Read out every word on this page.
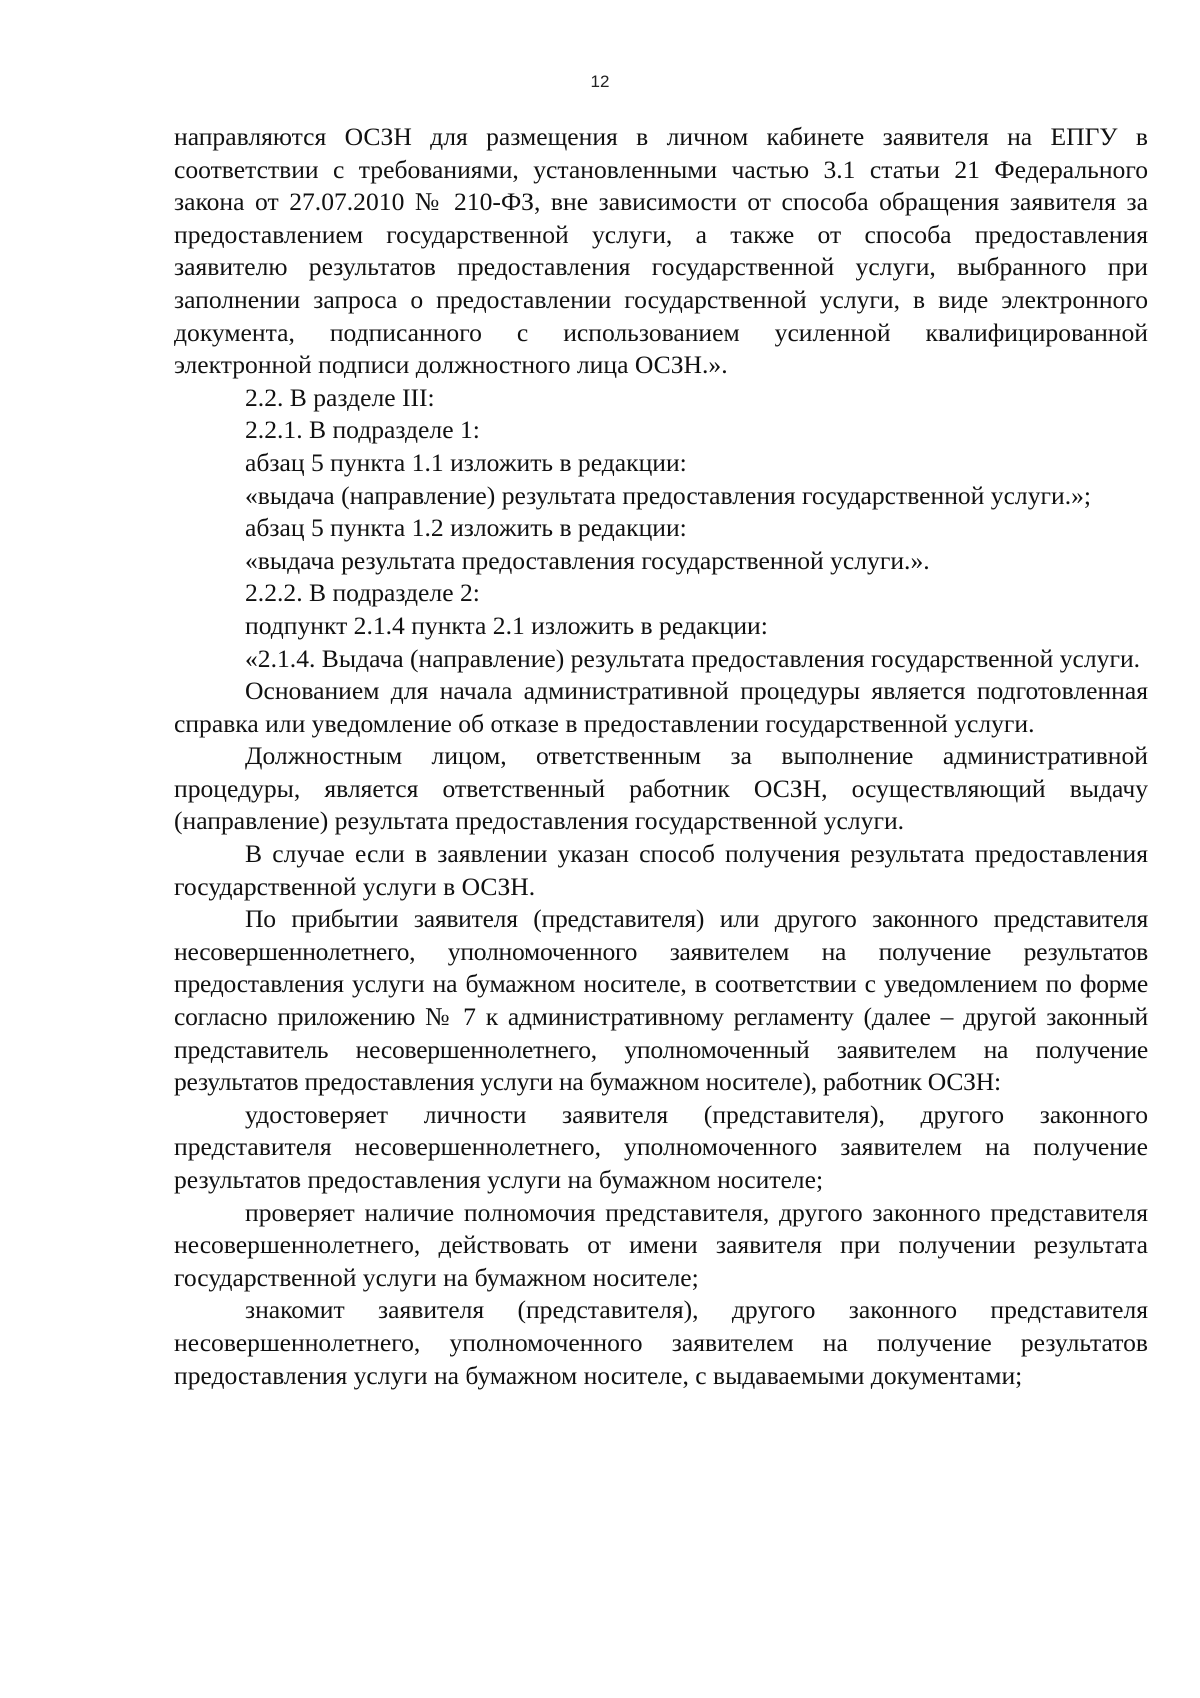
12

направляются ОСЗН для размещения в личном кабинете заявителя на ЕПГУ в соответствии с требованиями, установленными частью 3.1 статьи 21 Федерального закона от 27.07.2010 № 210-ФЗ, вне зависимости от способа обращения заявителя за предоставлением государственной услуги, а также от способа предоставления заявителю результатов предоставления государственной услуги, выбранного при заполнении запроса о предоставлении государственной услуги, в виде электронного документа, подписанного с использованием усиленной квалифицированной электронной подписи должностного лица ОСЗН.».

2.2. В разделе III:

2.2.1. В подразделе 1:

абзац 5 пункта 1.1 изложить в редакции:

«выдача (направление) результата предоставления государственной услуги.»;

абзац 5 пункта 1.2 изложить в редакции:

«выдача результата предоставления государственной услуги.».

2.2.2. В подразделе 2:

подпункт 2.1.4 пункта 2.1 изложить в редакции:

«2.1.4. Выдача (направление) результата предоставления государственной услуги.

Основанием для начала административной процедуры является подготовленная справка или уведомление об отказе в предоставлении государственной услуги.

Должностным лицом, ответственным за выполнение административной процедуры, является ответственный работник ОСЗН, осуществляющий выдачу (направление) результата предоставления государственной услуги.

В случае если в заявлении указан способ получения результата предоставления государственной услуги в ОСЗН.

По прибытии заявителя (представителя) или другого законного представителя несовершеннолетнего, уполномоченного заявителем на получение результатов предоставления услуги на бумажном носителе, в соответствии с уведомлением по форме согласно приложению № 7 к административному регламенту (далее – другой законный представитель несовершеннолетнего, уполномоченный заявителем на получение результатов предоставления услуги на бумажном носителе), работник ОСЗН:

удостоверяет личности заявителя (представителя), другого законного представителя несовершеннолетнего, уполномоченного заявителем на получение результатов предоставления услуги на бумажном носителе;

проверяет наличие полномочия представителя, другого законного представителя несовершеннолетнего, действовать от имени заявителя при получении результата государственной услуги на бумажном носителе;

знакомит заявителя (представителя), другого законного представителя несовершеннолетнего, уполномоченного заявителем на получение результатов предоставления услуги на бумажном носителе, с выдаваемыми документами;
